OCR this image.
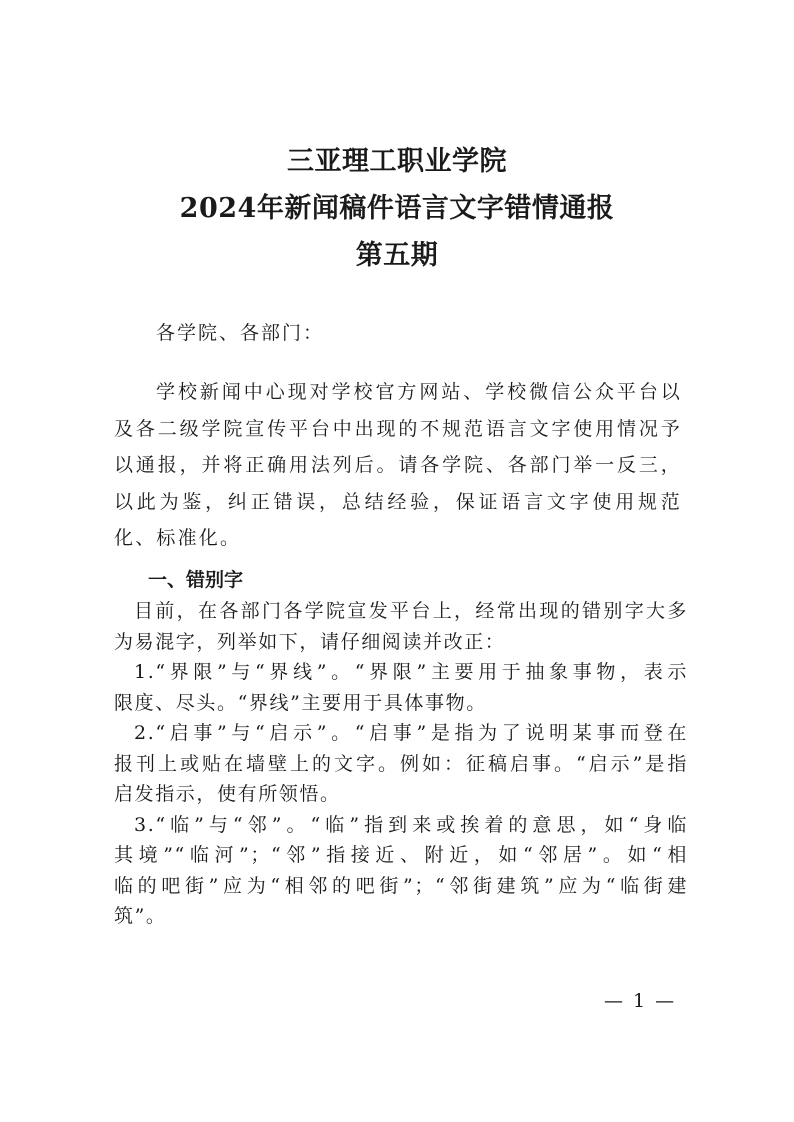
三亚理工职业学院
2024年新闻稿件语言文字错情通报
第五期
各学院、各部门：
学校新闻中心现对学校官方网站、学校微信公众平台以
及各二级学院宣传平台中出现的不规范语言文字使用情况予
以通报，并将正确用法列后。请各学院、各部门举一反三，
以此为鉴，纠正错误，总结经验，保证语言文字使用规范
化、标准化。
一、错别字
目前，在各部门各学院宣发平台上，经常出现的错别字大多
为易混字，列举如下，请仔细阅读并改正：
1.“界限”与“界线”。“界限”主要用于抽象事物，表示
限度、尽头。“界线”主要用于具体事物。
2.“启事”与“启示”。“启事”是指为了说明某事而登在
报刊上或贴在墙壁上的文字。例如：征稿启事。“启示”是指
启发指示，使有所领悟。
3.“临”与“邻”。“临”指到来或挨着的意思，如“身临
其境”“临河”；“邻”指接近、附近，如“邻居”。如“相
临的吧街”应为“相邻的吧街”；“邻街建筑”应为“临街建
筑”。
— 1 —
